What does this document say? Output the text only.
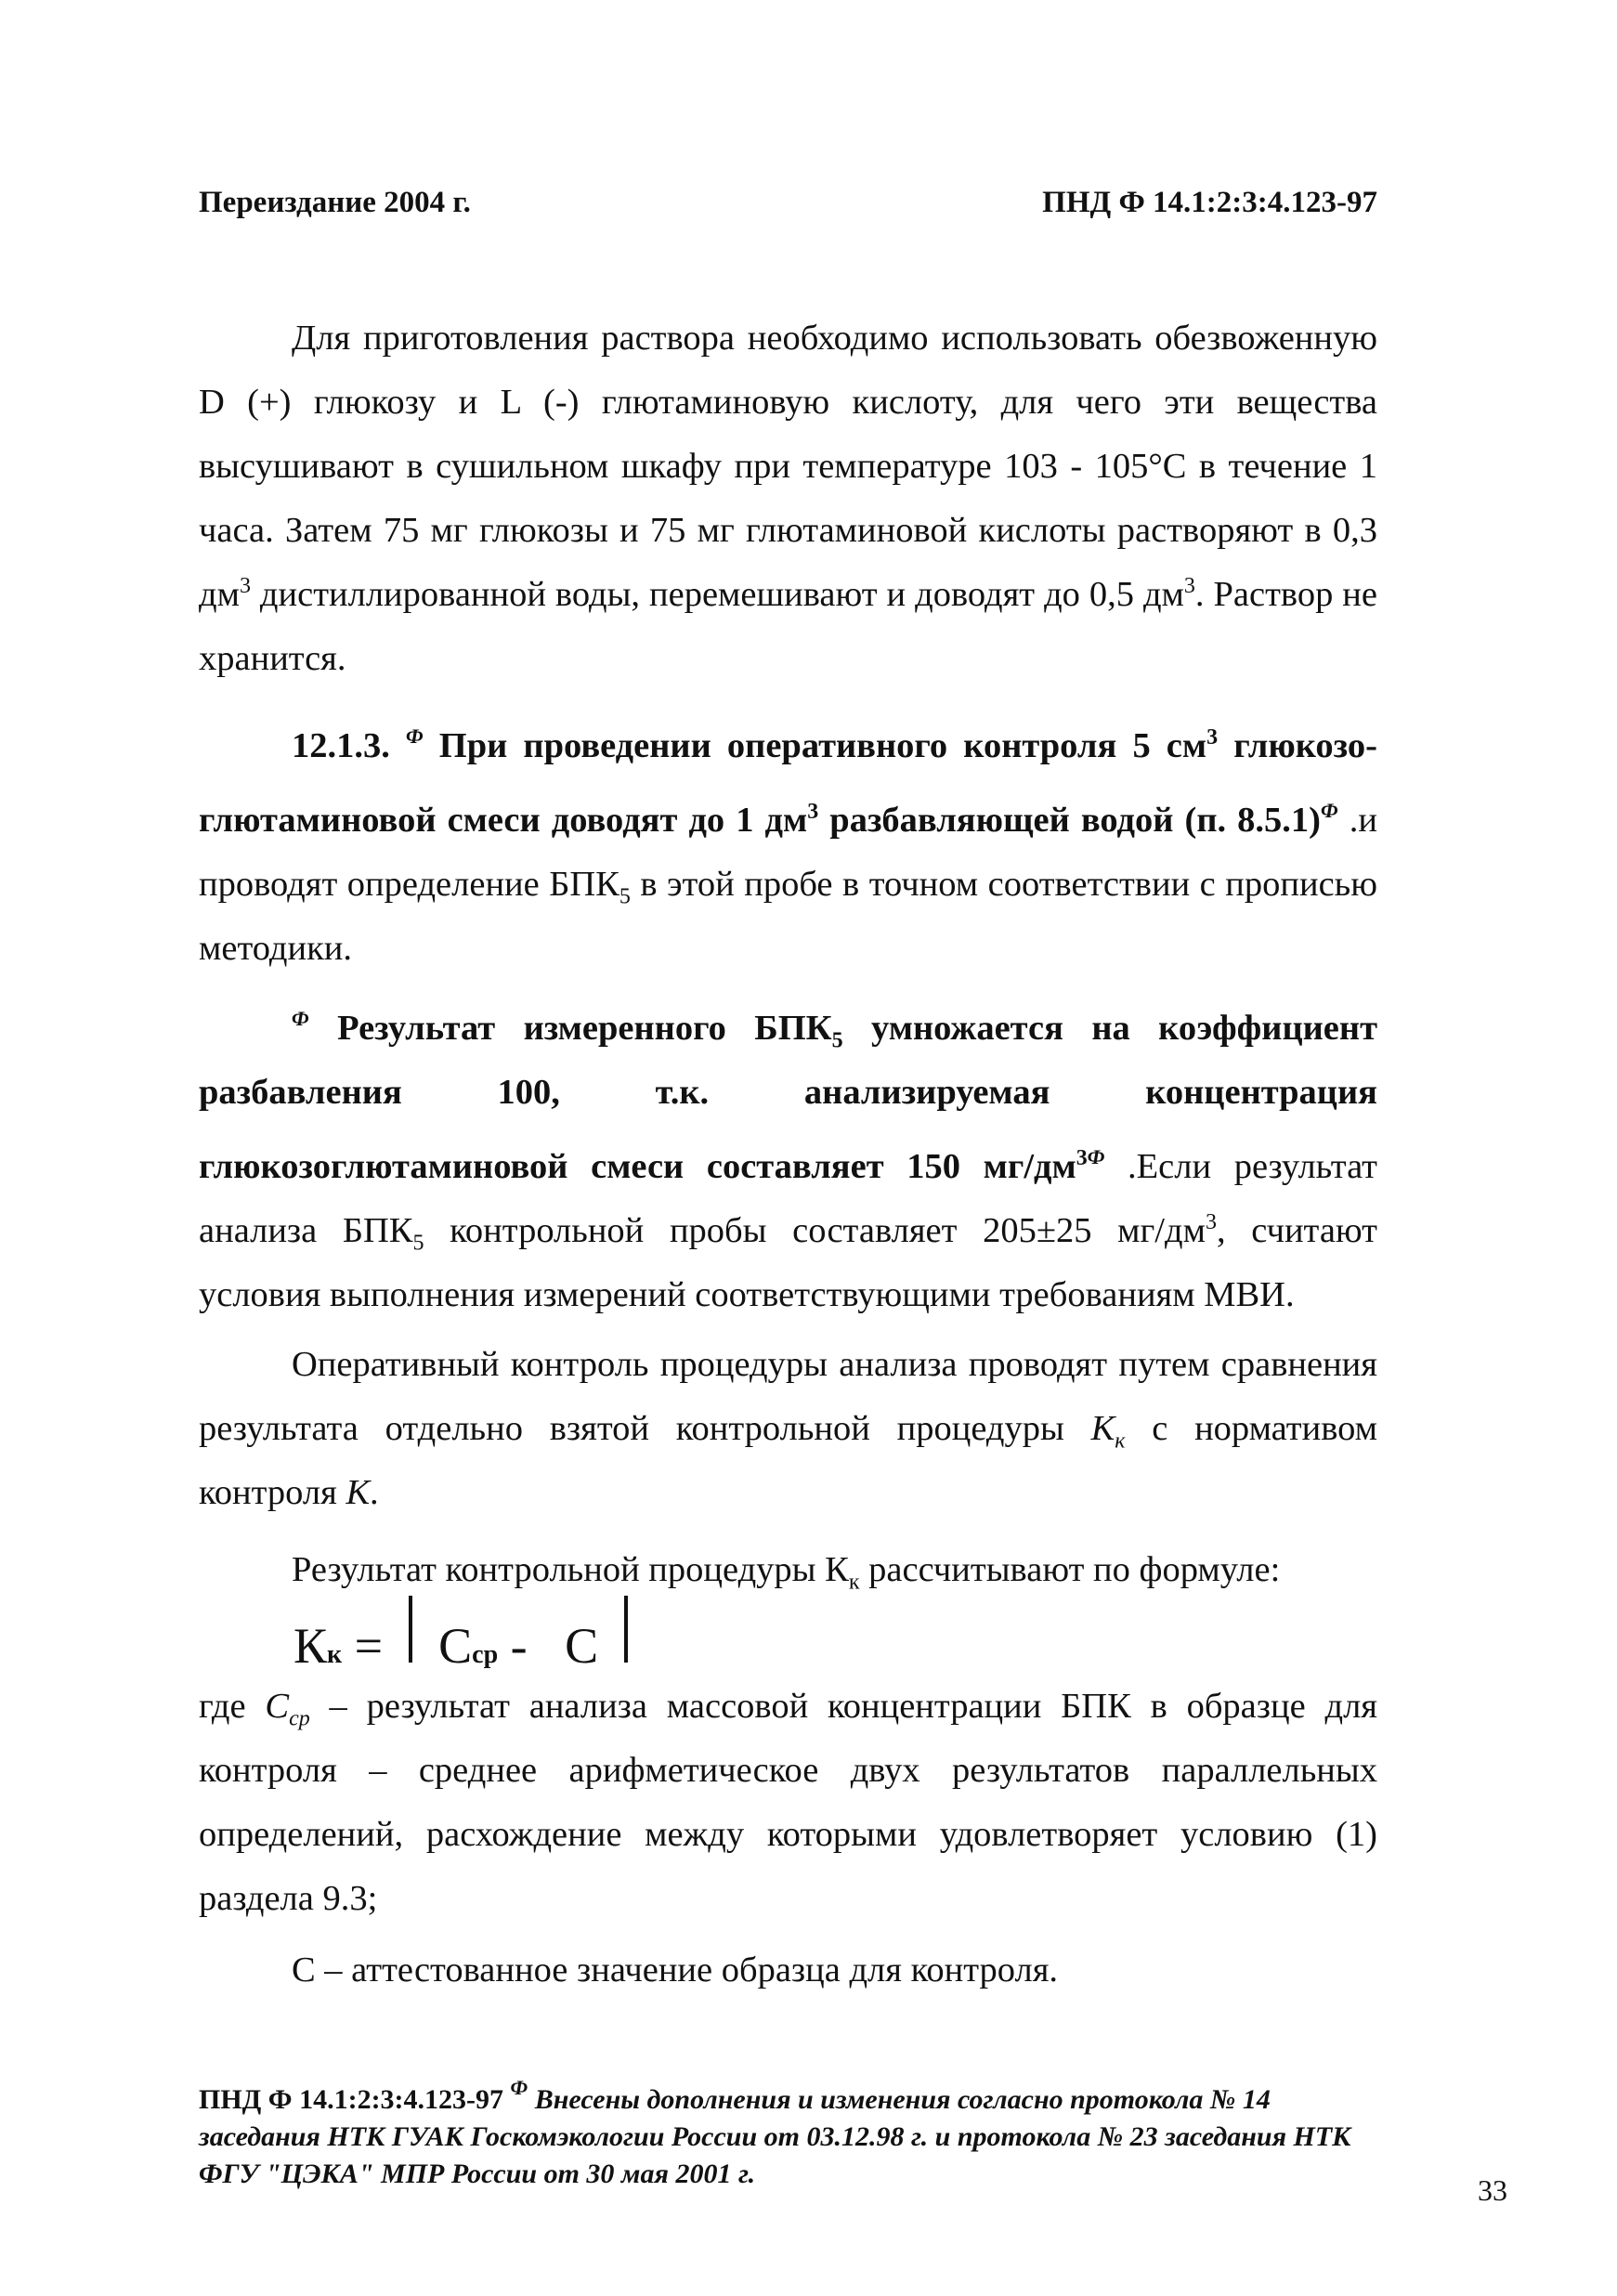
Переиздание 2004 г.	ПНД Ф 14.1:2:3:4.123-97

Для приготовления раствора необходимо использовать обезвоженную D (+) глюкозу и L (-) глютаминовую кислоту, для чего эти вещества высушивают в сушильном шкафу при температуре 103 - 105°С в течение 1 часа. Затем 75 мг глюкозы и 75 мг глютаминовой кислоты растворяют в 0,3 $дм^3$ дистиллированной воды, перемешивают и доводят до 0,5 $дм^3$. Раствор не хранится.

12.1.3. $^Ф$ При проведении оперативного контроля 5 $см^3$ глюкозо-глютаминовой смеси доводят до 1 $дм^3$ разбавляющей водой (п. 8.5.1)$^Ф$ .и проводят определение $БПК_5$ в этой пробе в точном соответствии с прописью методики.

$^Ф$ Результат измеренного $БПК_5$ умножается на коэффициент разбавления 100, т.к. анализируемая концентрация глюкозоглютаминовой смеси составляет 150 $мг/дм^{3Ф}$ .Если результат анализа $БПК_5$ контрольной пробы составляет 205±25 $мг/дм^3$, считают условия выполнения измерений соответствующими требованиям МВИ.

Оперативный контроль процедуры анализа проводят путем сравнения результата отдельно взятой контрольной процедуры $К_к$ с нормативом контроля К.

Результат контрольной процедуры $К_к$ рассчитывают по формуле:

К к = С ср - С

где $С_{ср}$ – результат анализа массовой концентрации БПК в образце для контроля – среднее арифметическое двух результатов параллельных определений, расхождение между которыми удовлетворяет условию (1) раздела 9.3;

С – аттестованное значение образца для контроля.

ПНД Ф 14.1:2:3:4.123-97 $^Ф$ Внесены дополнения и изменения согласно протокола № 14 заседания НТК ГУАК Госкомэкологии России от 03.12.98 г. и протокола № 23 заседания НТК ФГУ "ЦЭКА" МПР России от 30 мая 2001 г.	33
